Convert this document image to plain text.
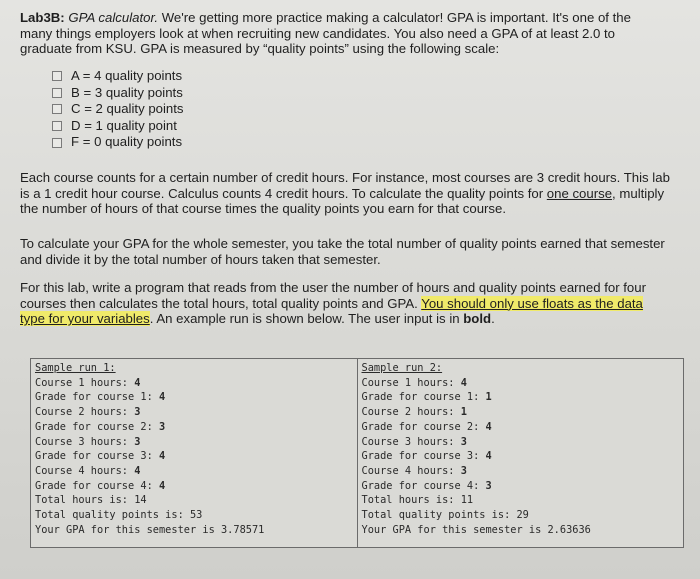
Lab3B: GPA calculator. We're getting more practice making a calculator! GPA is important. It's one of the
many things employers look at when recruiting new candidates. You also need a GPA of at least 2.0 to
graduate from KSU. GPA is measured by “quality points” using the following scale:

A = 4 quality points
B = 3 quality points
C = 2 quality points
D = 1 quality point
F = 0 quality points

Each course counts for a certain number of credit hours. For instance, most courses are 3 credit hours. This lab
is a 1 credit hour course. Calculus counts 4 credit hours. To calculate the quality points for one course, multiply
the number of hours of that course times the quality points you earn for that course.

To calculate your GPA for the whole semester, you take the total number of quality points earned that semester
and divide it by the total number of hours taken that semester.

For this lab, write a program that reads from the user the number of hours and quality points earned for four
courses then calculates the total hours, total quality points and GPA. You should only use floats as the data
type for your variables. An example run is shown below. The user input is in bold.

Sample run 1:
Course 1 hours: 4
Grade for course 1: 4
Course 2 hours: 3
Grade for course 2: 3
Course 3 hours: 3
Grade for course 3: 4
Course 4 hours: 4
Grade for course 4: 4
Total hours is: 14
Total quality points is: 53
Your GPA for this semester is 3.78571
Sample run 2:
Course 1 hours: 4
Grade for course 1: 1
Course 2 hours: 1
Grade for course 2: 4
Course 3 hours: 3
Grade for course 3: 4
Course 4 hours: 3
Grade for course 4: 3
Total hours is: 11
Total quality points is: 29
Your GPA for this semester is 2.63636
